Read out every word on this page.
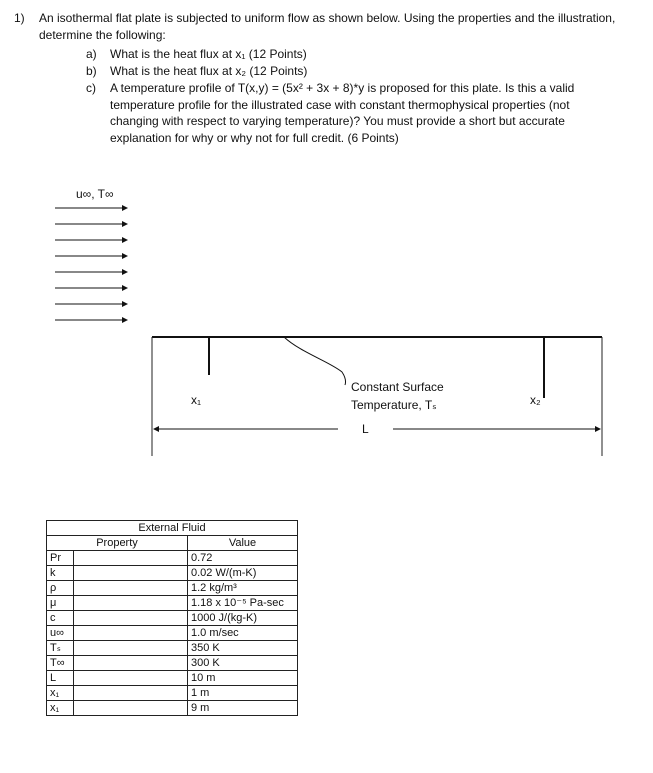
1) An isothermal flat plate is subjected to uniform flow as shown below. Using the properties and the illustration, determine the following:
a) What is the heat flux at x₁ (12 Points)
b) What is the heat flux at x₂ (12 Points)
c) A temperature profile of T(x,y) = (5x² + 3x + 8)*y is proposed for this plate. Is this a valid temperature profile for the illustrated case with constant thermophysical properties (not changing with respect to varying temperature)? You must provide a short but accurate explanation for why or why not for full credit. (6 Points)
u∞, T∞
x₁	x₂
Constant Surface
Temperature, Tₛ
L
External Fluid		
Property		Value
Pr		0.72
k		0.02 W/(m-K)
ρ		1.2 kg/m³
μ		1.18 x 10⁻⁵ Pa-sec
c		1000 J/(kg-K)
u∞		1.0 m/sec
Tₛ		350 K
T∞		300 K
L		10 m
x₁		1 m
x₁		9 m
